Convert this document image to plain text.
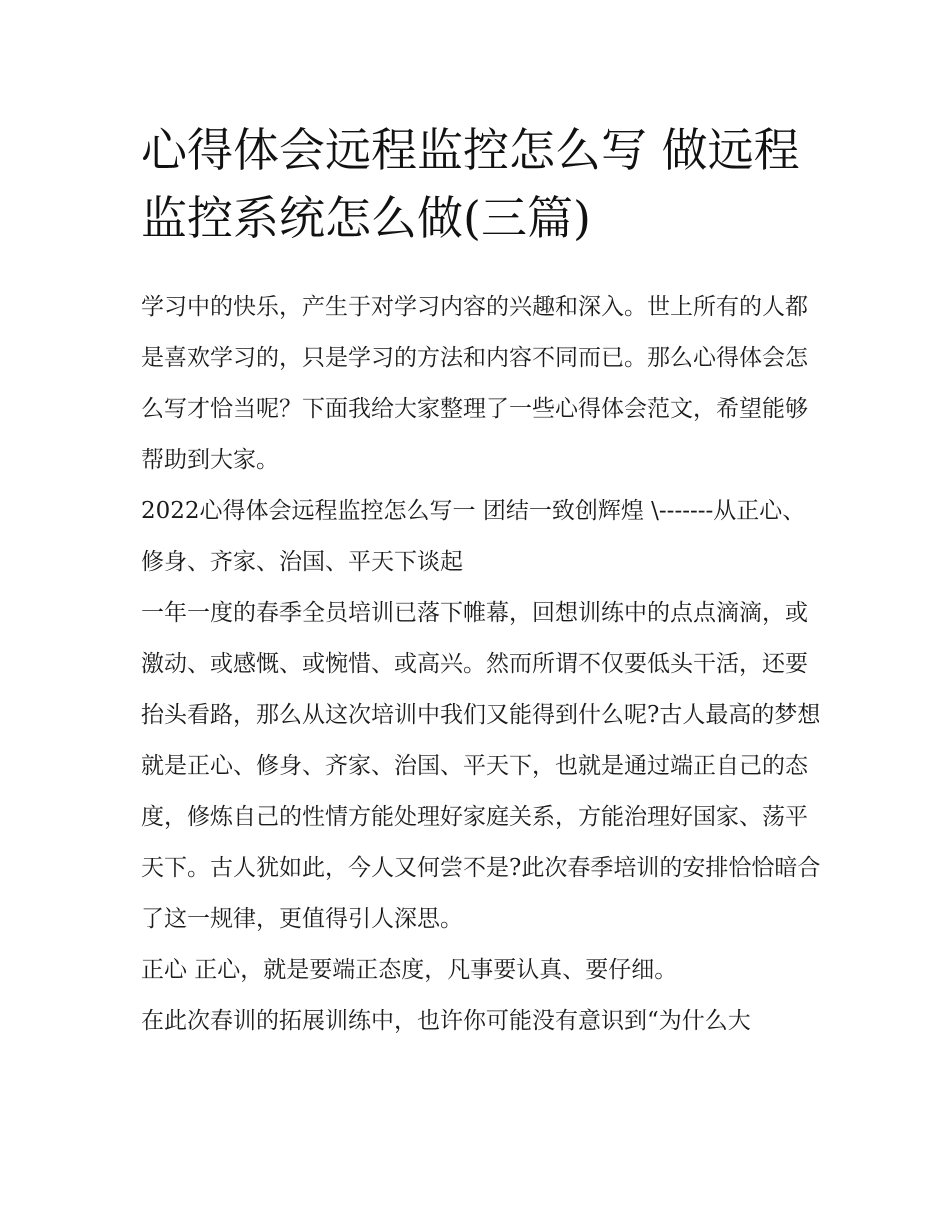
心得体会远程监控怎么写 做远程监控系统怎么做(三篇)

学习中的快乐，产生于对学习内容的兴趣和深入。世上所有的人都是喜欢学习的，只是学习的方法和内容不同而已。那么心得体会怎么写才恰当呢？下面我给大家整理了一些心得体会范文，希望能够帮助到大家。

2022心得体会远程监控怎么写一 团结一致创辉煌 \-------从正心、修身、齐家、治国、平天下谈起

一年一度的春季全员培训已落下帷幕，回想训练中的点点滴滴，或激动、或感慨、或惋惜、或高兴。然而所谓不仅要低头干活，还要抬头看路，那么从这次培训中我们又能得到什么呢?古人最高的梦想就是正心、修身、齐家、治国、平天下，也就是通过端正自己的态度，修炼自己的性情方能处理好家庭关系，方能治理好国家、荡平天下。古人犹如此，今人又何尝不是?此次春季培训的安排恰恰暗合了这一规律，更值得引人深思。

正心 正心，就是要端正态度，凡事要认真、要仔细。

在此次春训的拓展训练中，也许你可能没有意识到“为什么大
